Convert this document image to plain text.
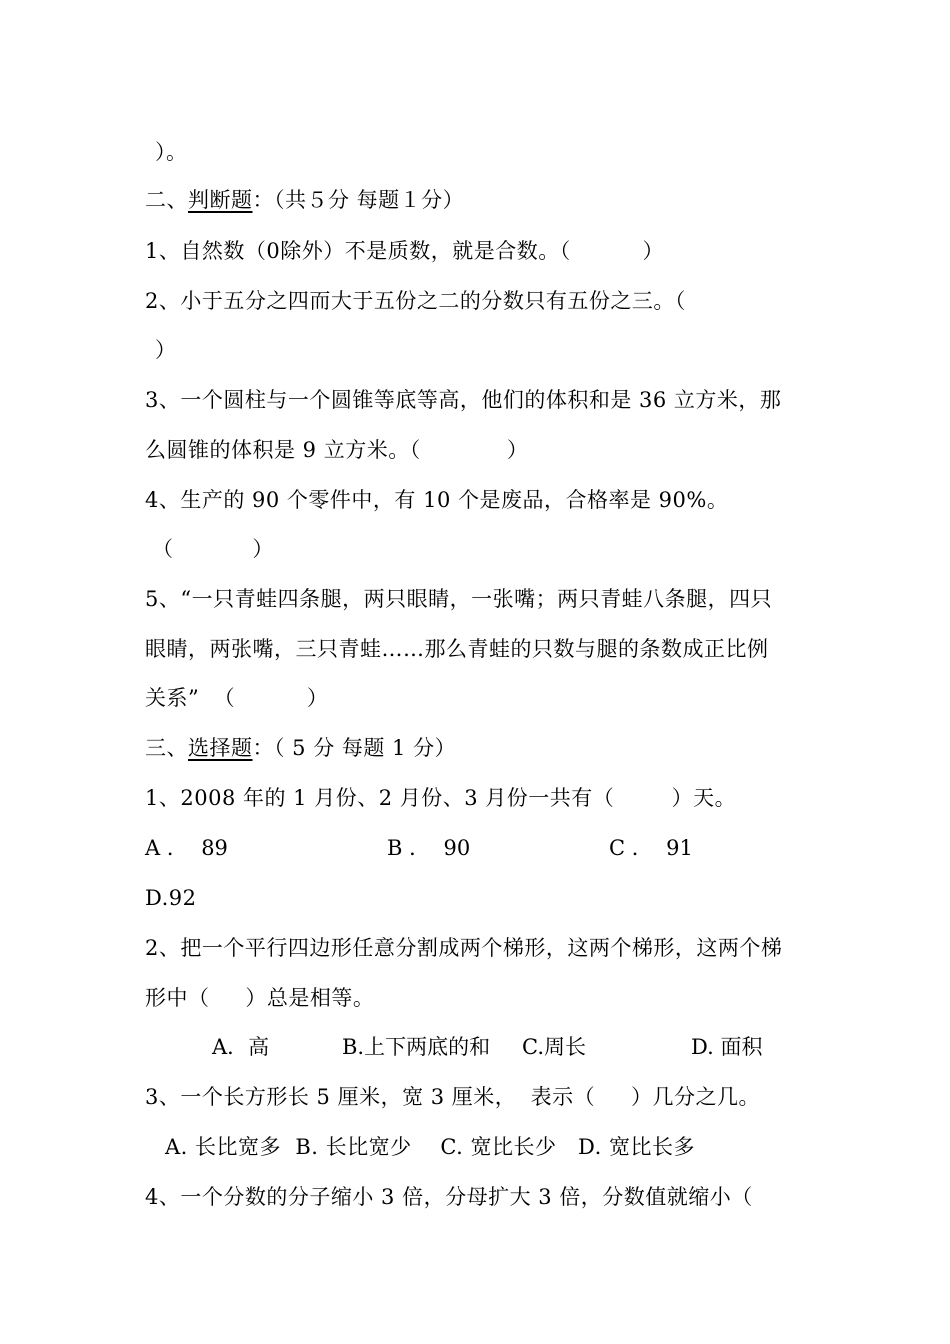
）。
二、判断题：（共５分 每题１分）
1、自然数（0除外）不是质数，就是合数。（          ）
2、小于五分之四而大于五份之二的分数只有五份之三。（
）
3、一个圆柱与一个圆锥等底等高，他们的体积和是 36 立方米，那
么圆锥的体积是 9 立方米。（            ）
4、生产的 90 个零件中，有 10 个是废品，合格率是 90%。
（           ）
5、“一只青蛙四条腿，两只眼睛，一张嘴；两只青蛙八条腿，四只
眼睛，两张嘴，三只青蛙……那么青蛙的只数与腿的条数成正比例
关系”  （          ）
三、选择题：（ 5 分 每题 1 分）
1、2008 年的 1 月份、2 月份、3 月份一共有（        ）天。
A ．  89	B ．  90	C ．  91
D.92
2、把一个平行四边形任意分割成两个梯形，这两个梯形，这两个梯
形中（     ）总是相等。
A．高	B.上下两底的和 C.周长	D. 面积
3、一个长方形长 5 厘米，宽 3 厘米，  表示（     ）几分之几。
A. 长比宽多  B. 长比宽少    C. 宽比长少   D. 宽比长多
4、一个分数的分子缩小 3 倍，分母扩大 3 倍，分数值就缩小（
